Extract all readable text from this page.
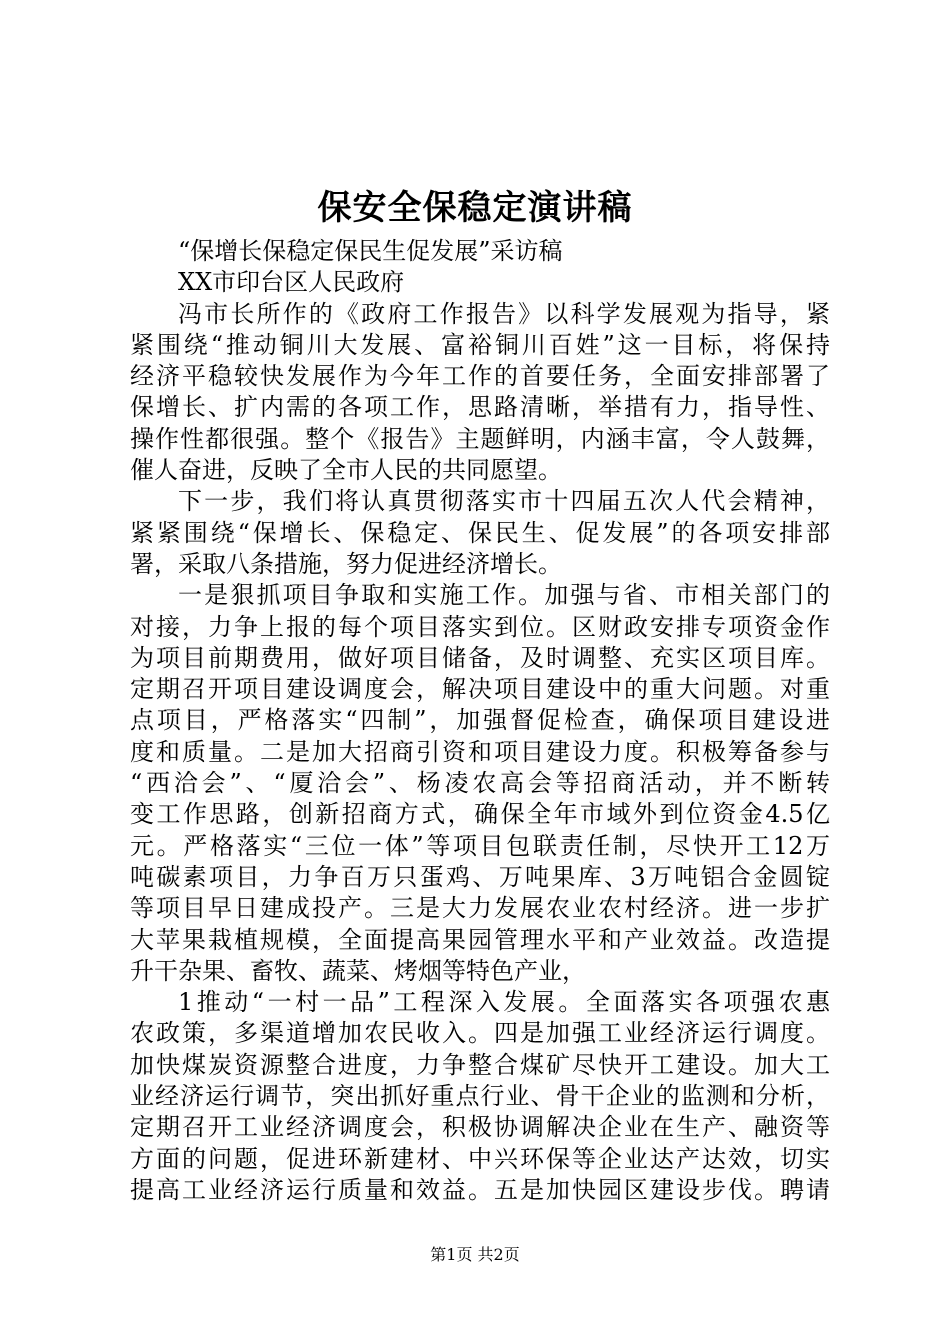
保安全保稳定演讲稿
“保增长保稳定保民生促发展”采访稿
XX市印台区人民政府
冯市长所作的《政府工作报告》以科学发展观为指导，紧
紧围绕“推动铜川大发展、富裕铜川百姓”这一目标，将保持
经济平稳较快发展作为今年工作的首要任务，全面安排部署了
保增长、扩内需的各项工作，思路清晰，举措有力，指导性、
操作性都很强。整个《报告》主题鲜明，内涵丰富，令人鼓舞，
催人奋进，反映了全市人民的共同愿望。
下一步，我们将认真贯彻落实市十四届五次人代会精神，
紧紧围绕“保增长、保稳定、保民生、促发展”的各项安排部
署，采取八条措施，努力促进经济增长。
一是狠抓项目争取和实施工作。加强与省、市相关部门的
对接，力争上报的每个项目落实到位。区财政安排专项资金作
为项目前期费用，做好项目储备，及时调整、充实区项目库。
定期召开项目建设调度会，解决项目建设中的重大问题。对重
点项目，严格落实“四制”，加强督促检查，确保项目建设进
度和质量。二是加大招商引资和项目建设力度。积极筹备参与
“西洽会”、“厦洽会”、杨凌农高会等招商活动，并不断转
变工作思路，创新招商方式，确保全年市域外到位资金4.5亿
元。严格落实“三位一体”等项目包联责任制，尽快开工12万
吨碳素项目，力争百万只蛋鸡、万吨果库、3万吨铝合金圆锭
等项目早日建成投产。三是大力发展农业农村经济。进一步扩
大苹果栽植规模，全面提高果园管理水平和产业效益。改造提
升干杂果、畜牧、蔬菜、烤烟等特色产业，
1推动“一村一品”工程深入发展。全面落实各项强农惠
农政策，多渠道增加农民收入。四是加强工业经济运行调度。
加快煤炭资源整合进度，力争整合煤矿尽快开工建设。加大工
业经济运行调节，突出抓好重点行业、骨干企业的监测和分析，
定期召开工业经济调度会，积极协调解决企业在生产、融资等
方面的问题，促进环新建材、中兴环保等企业达产达效，切实
提高工业经济运行质量和效益。五是加快园区建设步伐。聘请
第1页 共2页
